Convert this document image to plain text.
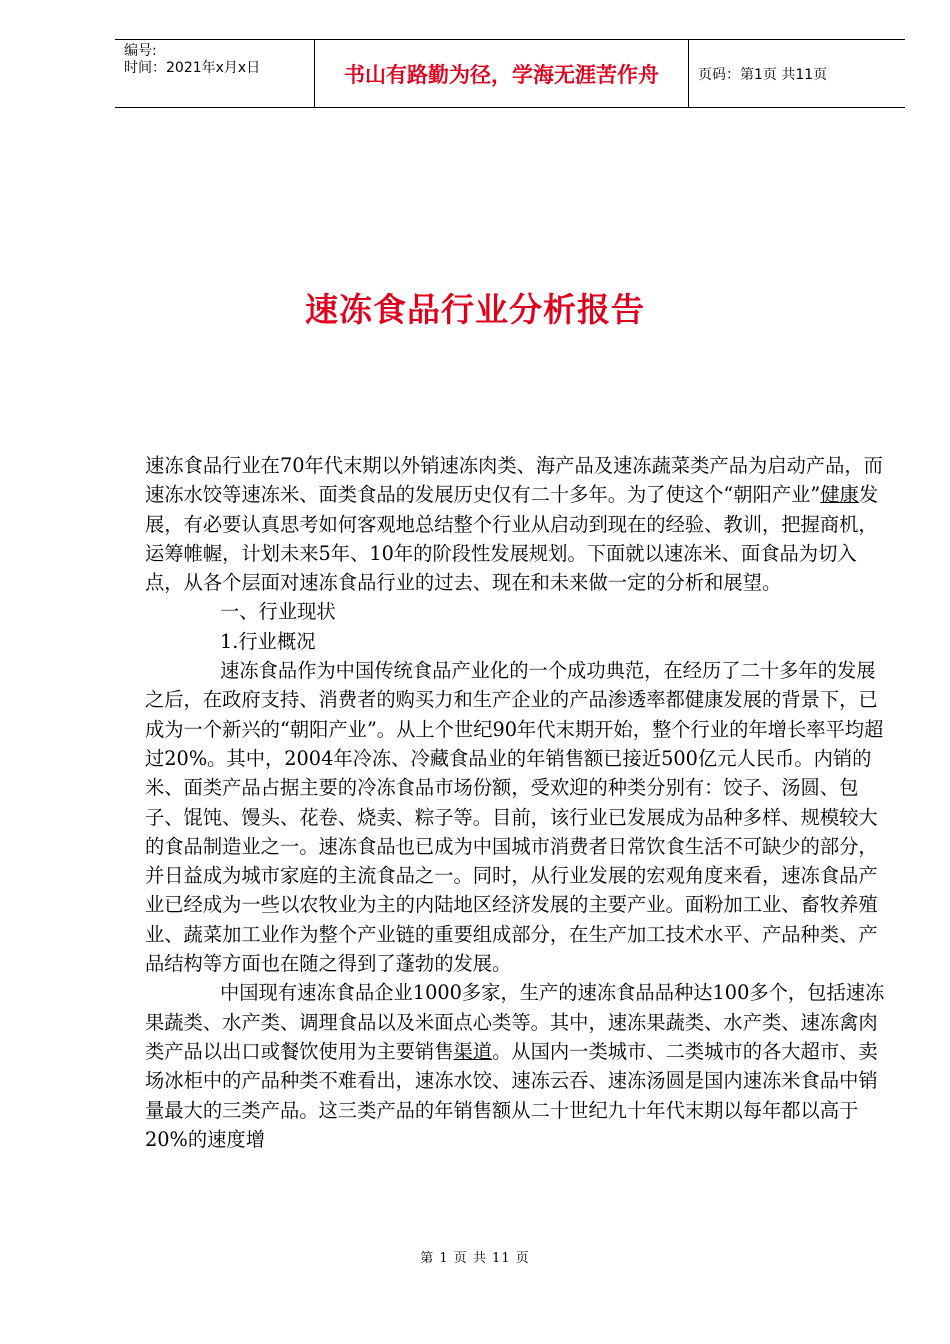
编号:
时间：2021年x月x日	书山有路勤为径，学海无涯苦作舟	页码：第1页 共11页
速冻食品行业分析报告

速冻食品行业在70年代末期以外销速冻肉类、海产品及速冻蔬菜类产品为启动产品，而速冻水饺等速冻米、面类食品的发展历史仅有二十多年。为了使这个“朝阳产业”健康发展，有必要认真思考如何客观地总结整个行业从启动到现在的经验、教训，把握商机，运筹帷幄，计划未来5年、10年的阶段性发展规划。下面就以速冻米、面食品为切入点，从各个层面对速冻食品行业的过去、现在和未来做一定的分析和展望。

一、行业现状

1.行业概况

速冻食品作为中国传统食品产业化的一个成功典范，在经历了二十多年的发展之后，在政府支持、消费者的购买力和生产企业的产品渗透率都健康发展的背景下，已成为一个新兴的“朝阳产业”。从上个世纪90年代末期开始，整个行业的年增长率平均超过20%。其中，2004年冷冻、冷藏食品业的年销售额已接近500亿元人民币。内销的米、面类产品占据主要的冷冻食品市场份额，受欢迎的种类分别有：饺子、汤圆、包子、馄饨、馒头、花卷、烧卖、粽子等。目前，该行业已发展成为品种多样、规模较大的食品制造业之一。速冻食品也已成为中国城市消费者日常饮食生活不可缺少的部分，并日益成为城市家庭的主流食品之一。同时，从行业发展的宏观角度来看，速冻食品产业已经成为一些以农牧业为主的内陆地区经济发展的主要产业。面粉加工业、畜牧养殖业、蔬菜加工业作为整个产业链的重要组成部分，在生产加工技术水平、产品种类、产品结构等方面也在随之得到了蓬勃的发展。

中国现有速冻食品企业1000多家，生产的速冻食品品种达100多个，包括速冻果蔬类、水产类、调理食品以及米面点心类等。其中，速冻果蔬类、水产类、速冻禽肉类产品以出口或餐饮使用为主要销售渠道。从国内一类城市、二类城市的各大超市、卖场冰柜中的产品种类不难看出，速冻水饺、速冻云吞、速冻汤圆是国内速冻米食品中销量最大的三类产品。这三类产品的年销售额从二十世纪九十年代末期以每年都以高于20%的速度增

第 1 页 共 11 页
